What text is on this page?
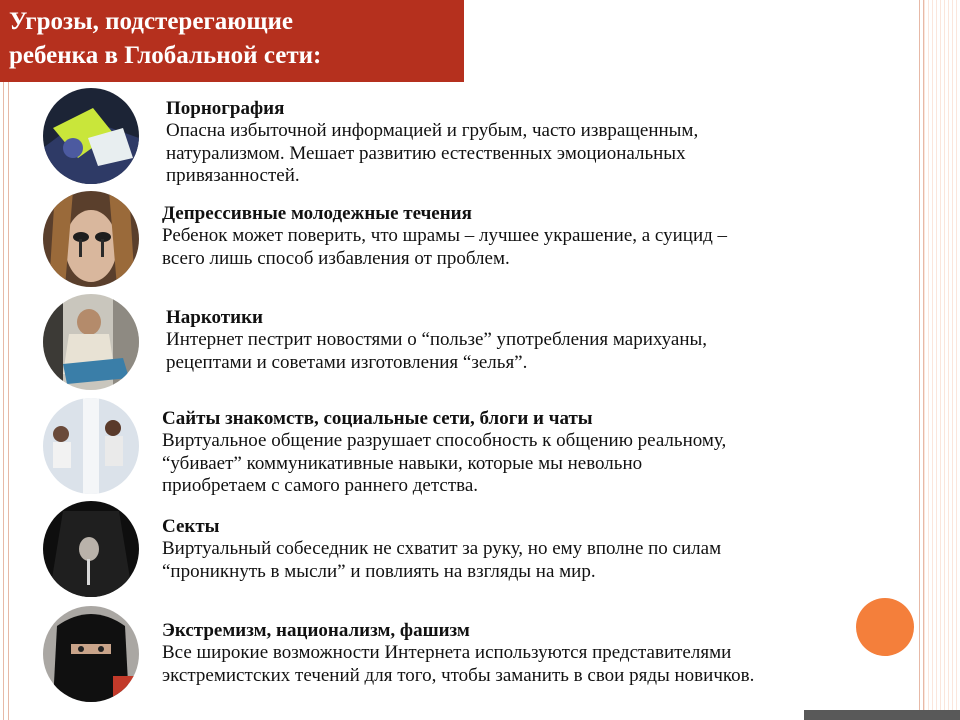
Угрозы, подстерегающие
ребенка в Глобальной сети:
Порнография
Опасна избыточной информацией и грубым, часто извращенным,
натурализмом. Мешает развитию естественных эмоциональных
привязанностей.
Депрессивные молодежные течения
Ребенок может поверить, что шрамы – лучшее украшение, а суицид –
всего лишь способ избавления от проблем.
Наркотики
Интернет пестрит новостями о “пользе” употребления марихуаны,
рецептами и советами изготовления “зелья”.
Сайты знакомств, социальные сети, блоги и чаты
Виртуальное общение разрушает способность к общению реальному,
“убивает” коммуникативные навыки, которые мы невольно
приобретаем с самого раннего детства.
Секты
Виртуальный собеседник не схватит за руку, но ему вполне по силам
“проникнуть в мысли” и повлиять на взгляды на мир.
Экстремизм, национализм, фашизм
Все широкие возможности Интернета используются представителями
экстремистских течений для того, чтобы заманить в свои ряды новичков.
